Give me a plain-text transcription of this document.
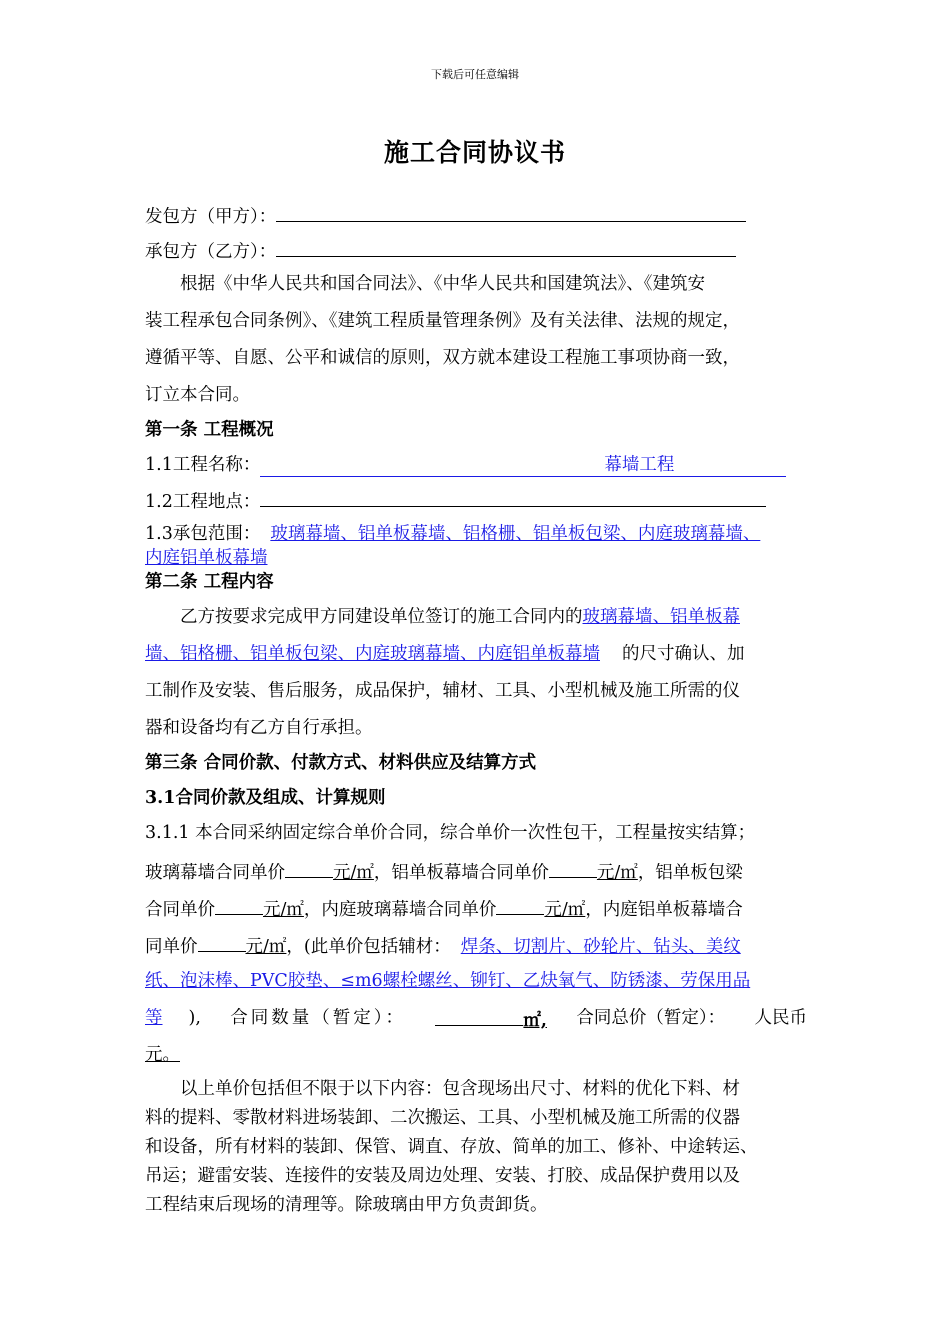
下载后可任意编辑
施工合同协议书
发包方（甲方）：
承包方（乙方）：
根据《中华人民共和国合同法》、《中华人民共和国建筑法》、《建筑安
装工程承包合同条例》、《建筑工程质量管理条例》及有关法律、法规的规定，
遵循平等、自愿、公平和诚信的原则，双方就本建设工程施工事项协商一致，
订立本合同。
第一条 工程概况
1.1工程名称：	幕墙工程
1.2工程地点：
1.3承包范围： 玻璃幕墙、铝单板幕墙、铝格栅、铝单板包梁、内庭玻璃幕墙、
内庭铝单板幕墙
第二条 工程内容
乙方按要求完成甲方同建设单位签订的施工合同内的玻璃幕墙、铝单板幕
墙、铝格栅、铝单板包梁、内庭玻璃幕墙、内庭铝单板幕墙 的尺寸确认、加
工制作及安装、售后服务，成品保护，辅材、工具、小型机械及施工所需的仪
器和设备均有乙方自行承担。
第三条 合同价款、付款方式、材料供应及结算方式
3.1合同价款及组成、计算规则
3.1.1 本合同采纳固定综合单价合同，综合单价一次性包干，工程量按实结算；
玻璃幕墙合同单价	元/㎡，铝单板幕墙合同单价	元/㎡，铝单板包梁
合同单价	元/㎡，内庭玻璃幕墙合同单价	元/㎡，内庭铝单板幕墙合
同单价	元/㎡，(此单价包括辅材： 焊条、切割片、砂轮片、钻头、美纹
纸、泡沫棒、PVC胶垫、≤m6螺栓螺丝、铆钉、乙炔氧气、防锈漆、劳保用品
等 ), 合同数量（暂定）：	㎡, 合同总价（暂定）： 人民币
元。
以上单价包括但不限于以下内容：包含现场出尺寸、材料的优化下料、材
料的提料、零散材料进场装卸、二次搬运、工具、小型机械及施工所需的仪器
和设备，所有材料的装卸、保管、调直、存放、简单的加工、修补、中途转运、
吊运；避雷安装、连接件的安装及周边处理、安装、打胶、成品保护费用以及
工程结束后现场的清理等。除玻璃由甲方负责卸货。
